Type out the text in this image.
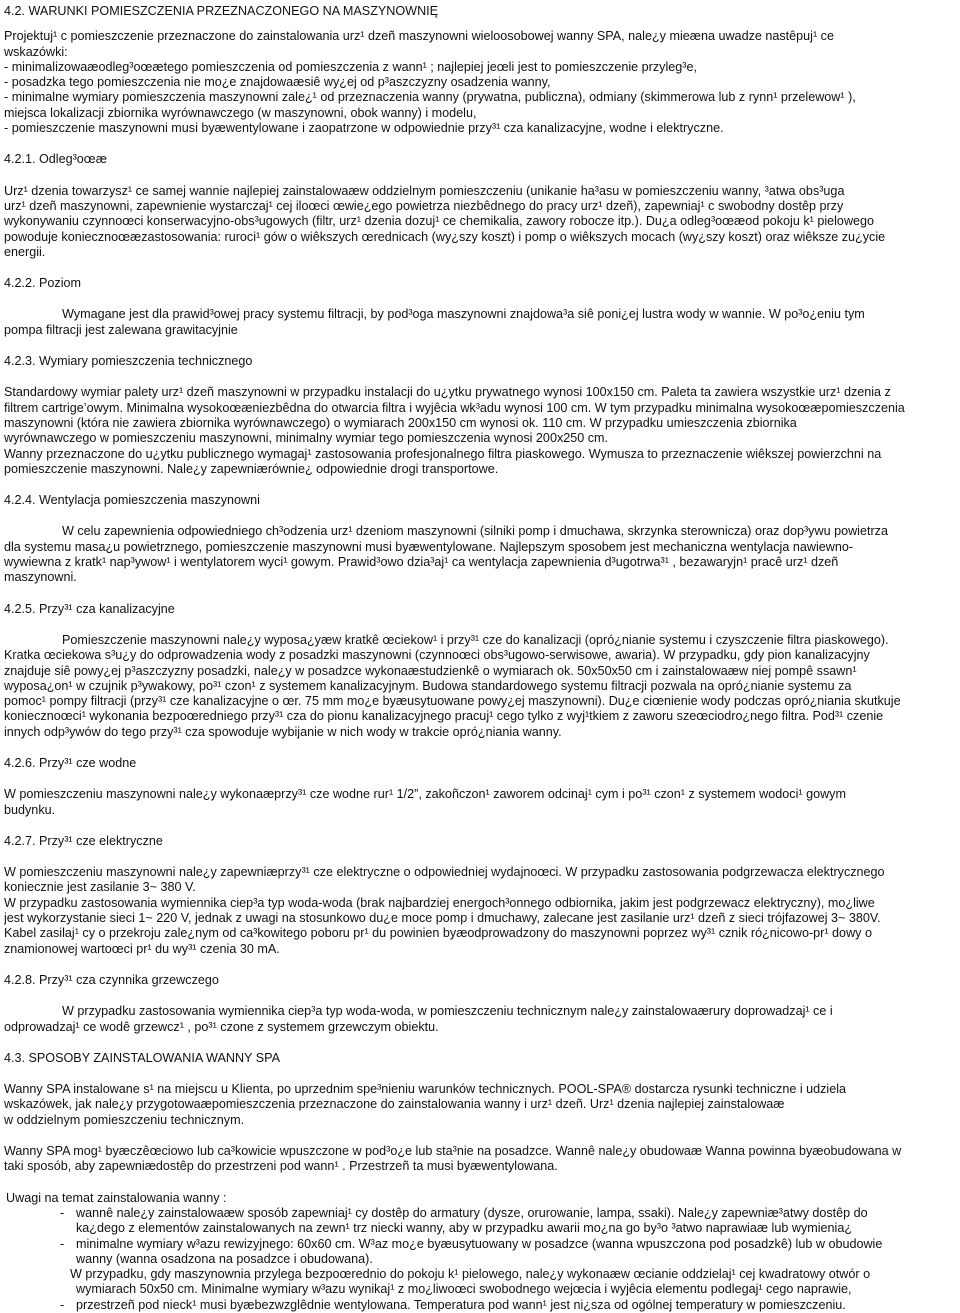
4.2. WARUNKI POMIESZCZENIA PRZEZNACZONEGO NA MASZYNOWNIĘ
Projektuj¹ c pomieszczenie przeznaczone do zainstalowania urz¹ dzeñ maszynowni wieloosobowej wanny SPA, nale¿y mieæna uwadze nastêpuj¹ ce
wskazówki:
- minimalizowaæodleg³oœætego pomieszczenia od pomieszczenia z wann¹ ; najlepiej jeœli jest to pomieszczenie przyleg³e,
- posadzka tego pomieszczenia nie mo¿e znajdowaæsiê wy¿ej od p³aszczyzny osadzenia wanny,
- minimalne wymiary pomieszczenia maszynowni zale¿¹ od przeznaczenia wanny (prywatna, publiczna), odmiany (skimmerowa lub z rynn¹ przelewow¹ ),
miejsca lokalizacji zbiornika wyrównawczego (w maszynowni, obok wanny) i modelu,
- pomieszczenie maszynowni musi byæwentylowane i zaopatrzone w odpowiednie przy³¹ cza kanalizacyjne, wodne i elektryczne.
4.2.1. Odleg³oœæ
Urz¹ dzenia towarzysz¹ ce samej wannie najlepiej zainstalowaæw oddzielnym pomieszczeniu (unikanie ha³asu w pomieszczeniu wanny, ³atwa obs³uga
urz¹ dzeñ maszynowni, zapewnienie wystarczaj¹ cej iloœci œwie¿ego powietrza niezbêdnego do pracy urz¹ dzeñ), zapewniaj¹ c swobodny dostêp przy
wykonywaniu czynnoœci konserwacyjno-obs³ugowych (filtr, urz¹ dzenia dozuj¹ ce chemikalia, zawory robocze itp.). Du¿a odleg³oœæod pokoju k¹ pielowego
powoduje koniecznoœæzastosowania: ruroci¹ gów o wiêkszych œrednicach (wy¿szy koszt) i pomp o wiêkszych mocach (wy¿szy koszt) oraz wiêksze zu¿ycie
energii.
4.2.2. Poziom
Wymagane jest dla prawid³owej pracy systemu filtracji, by pod³oga maszynowni znajdowa³a siê poni¿ej lustra wody w wannie. W po³o¿eniu tym
pompa filtracji jest zalewana grawitacyjnie
4.2.3. Wymiary pomieszczenia technicznego
Standardowy wymiar palety urz¹ dzeñ maszynowni w przypadku instalacji do u¿ytku prywatnego wynosi 100x150 cm. Paleta ta zawiera wszystkie urz¹ dzenia z
filtrem cartrige’owym. Minimalna wysokoœæniezbêdna do otwarcia filtra i wyjêcia wk³adu wynosi 100 cm. W tym przypadku minimalna wysokoœæpomieszczenia
maszynowni (która nie zawiera zbiornika wyrównawczego) o wymiarach 200x150 cm wynosi ok. 110 cm. W przypadku umieszczenia zbiornika
wyrównawczego w pomieszczeniu maszynowni, minimalny wymiar tego pomieszczenia wynosi 200x250 cm.
Wanny przeznaczone do u¿ytku publicznego wymagaj¹ zastosowania profesjonalnego filtra piaskowego. Wymusza to przeznaczenie wiêkszej powierzchni na
pomieszczenie maszynowni. Nale¿y zapewniærównie¿ odpowiednie drogi transportowe.
4.2.4. Wentylacja pomieszczenia maszynowni
W celu zapewnienia odpowiedniego ch³odzenia urz¹ dzeniom maszynowni (silniki pomp i dmuchawa, skrzynka sterownicza) oraz dop³ywu powietrza
dla systemu masa¿u powietrznego, pomieszczenie maszynowni musi byæwentylowane. Najlepszym sposobem jest mechaniczna wentylacja nawiewno-
wywiewna z kratk¹ nap³ywow¹ i wentylatorem wyci¹ gowym. Prawid³owo dzia³aj¹ ca wentylacja zapewnienia d³ugotrwa³¹ , bezawaryjn¹ pracê urz¹ dzeñ
maszynowni.
4.2.5. Przy³¹ cza kanalizacyjne
Pomieszczenie maszynowni nale¿y wyposa¿yæw kratkê œciekow¹ i przy³¹ cze do kanalizacji (opró¿nianie systemu i czyszczenie filtra piaskowego).
Kratka œciekowa s³u¿y do odprowadzenia wody z posadzki maszynowni (czynnoœci obs³ugowo-serwisowe, awaria). W przypadku, gdy pion kanalizacyjny
znajduje siê powy¿ej p³aszczyzny posadzki, nale¿y w posadzce wykonaæstudzienkê o wymiarach ok. 50x50x50 cm i zainstalowaæw niej pompê ssawn¹
wyposa¿on¹ w czujnik p³ywakowy, po³¹ czon¹ z systemem kanalizacyjnym. Budowa standardowego systemu filtracji pozwala na opró¿nianie systemu za
pomoc¹ pompy filtracji (przy³¹ cze kanalizacyjne o œr. 75 mm mo¿e byæusytuowane powy¿ej maszynowni). Du¿e ciœnienie wody podczas opró¿niania skutkuje
koniecznoœci¹ wykonania bezpoœredniego przy³¹ cza do pionu kanalizacyjnego pracuj¹ cego tylko z wyj¹tkiem z zaworu szeœciodro¿nego filtra. Pod³¹ czenie
innych odp³ywów do tego przy³¹ cza spowoduje wybijanie w nich wody w trakcie opró¿niania wanny.
4.2.6. Przy³¹ cze wodne
W pomieszczeniu maszynowni nale¿y wykonaæprzy³¹ cze wodne rur¹ 1/2”, zakoñczon¹ zaworem odcinaj¹ cym i po³¹ czon¹ z systemem wodoci¹ gowym
budynku.
4.2.7. Przy³¹ cze elektryczne
W pomieszczeniu maszynowni nale¿y zapewniæprzy³¹ cze elektryczne o odpowiedniej wydajnoœci. W przypadku zastosowania podgrzewacza elektrycznego
koniecznie jest zasilanie 3~ 380 V.
W przypadku zastosowania wymiennika ciep³a typ woda-woda (brak najbardziej energoch³onnego odbiornika, jakim jest podgrzewacz elektryczny), mo¿liwe
jest wykorzystanie sieci 1~ 220 V, jednak z uwagi na stosunkowo du¿e moce pomp i dmuchawy, zalecane jest zasilanie urz¹ dzeñ z sieci trójfazowej 3~ 380V.
Kabel zasilaj¹ cy o przekroju zale¿nym od ca³kowitego poboru pr¹ du powinien byæodprowadzony do maszynowni poprzez wy³¹ cznik ró¿nicowo-pr¹ dowy o
znamionowej wartoœci pr¹ du wy³¹ czenia 30 mA.
4.2.8. Przy³¹ cza czynnika grzewczego
W przypadku zastosowania wymiennika ciep³a typ woda-woda, w pomieszczeniu technicznym nale¿y zainstalowaærury doprowadzaj¹ ce i
odprowadzaj¹ ce wodê grzewcz¹ , po³¹ czone z systemem grzewczym obiektu.
4.3. SPOSOBY ZAINSTALOWANIA WANNY SPA
Wanny SPA instalowane s¹ na miejscu u Klienta, po uprzednim spe³nieniu warunków technicznych. POOL-SPA® dostarcza rysunki techniczne i udziela
wskazówek, jak nale¿y przygotowaæpomieszczenia przeznaczone do zainstalowania wanny i urz¹ dzeñ. Urz¹ dzenia najlepiej zainstalowaæ
w oddzielnym pomieszczeniu technicznym.
Wanny SPA mog¹ byæczêœciowo lub ca³kowicie wpuszczone w pod³o¿e lub sta³nie na posadzce. Wannê nale¿y obudowaæ Wanna powinna byæobudowana w
taki sposób, aby zapewniædostêp do przestrzeni pod wann¹ . Przestrzeñ ta musi byæwentylowana.
Uwagi na temat zainstalowania wanny :
- wannê nale¿y zainstalowaæw sposób zapewniaj¹ cy dostêp do armatury (dysze, orurowanie, lampa, ssaki). Nale¿y zapewniæ³atwy dostêp do
ka¿dego z elementów zainstalowanych na zewn¹ trz niecki wanny, aby w przypadku awarii mo¿na go by³o ³atwo naprawiaæ lub wymienia¿
- minimalne wymiary w³azu rewizyjnego: 60x60 cm. W³az mo¿e byæusytuowany w posadzce (wanna wpuszczona pod posadzkê) lub w obudowie
wanny (wanna osadzona na posadzce i obudowana).
W przypadku, gdy maszynownia przylega bezpoœrednio do pokoju k¹ pielowego, nale¿y wykonaæw œcianie oddzielaj¹ cej kwadratowy otwór o
wymiarach 50x50 cm. Minimalne wymiary w³azu wynikaj¹ z mo¿liwoœci swobodnego wejœcia i wyjêcia elementu podlegaj¹ cego naprawie,
- przestrzeñ pod nieck¹ musi byæbezwzglêdnie wentylowana. Temperatura pod wann¹ jest ni¿sza od ogólnej temperatury w pomieszczeniu.
